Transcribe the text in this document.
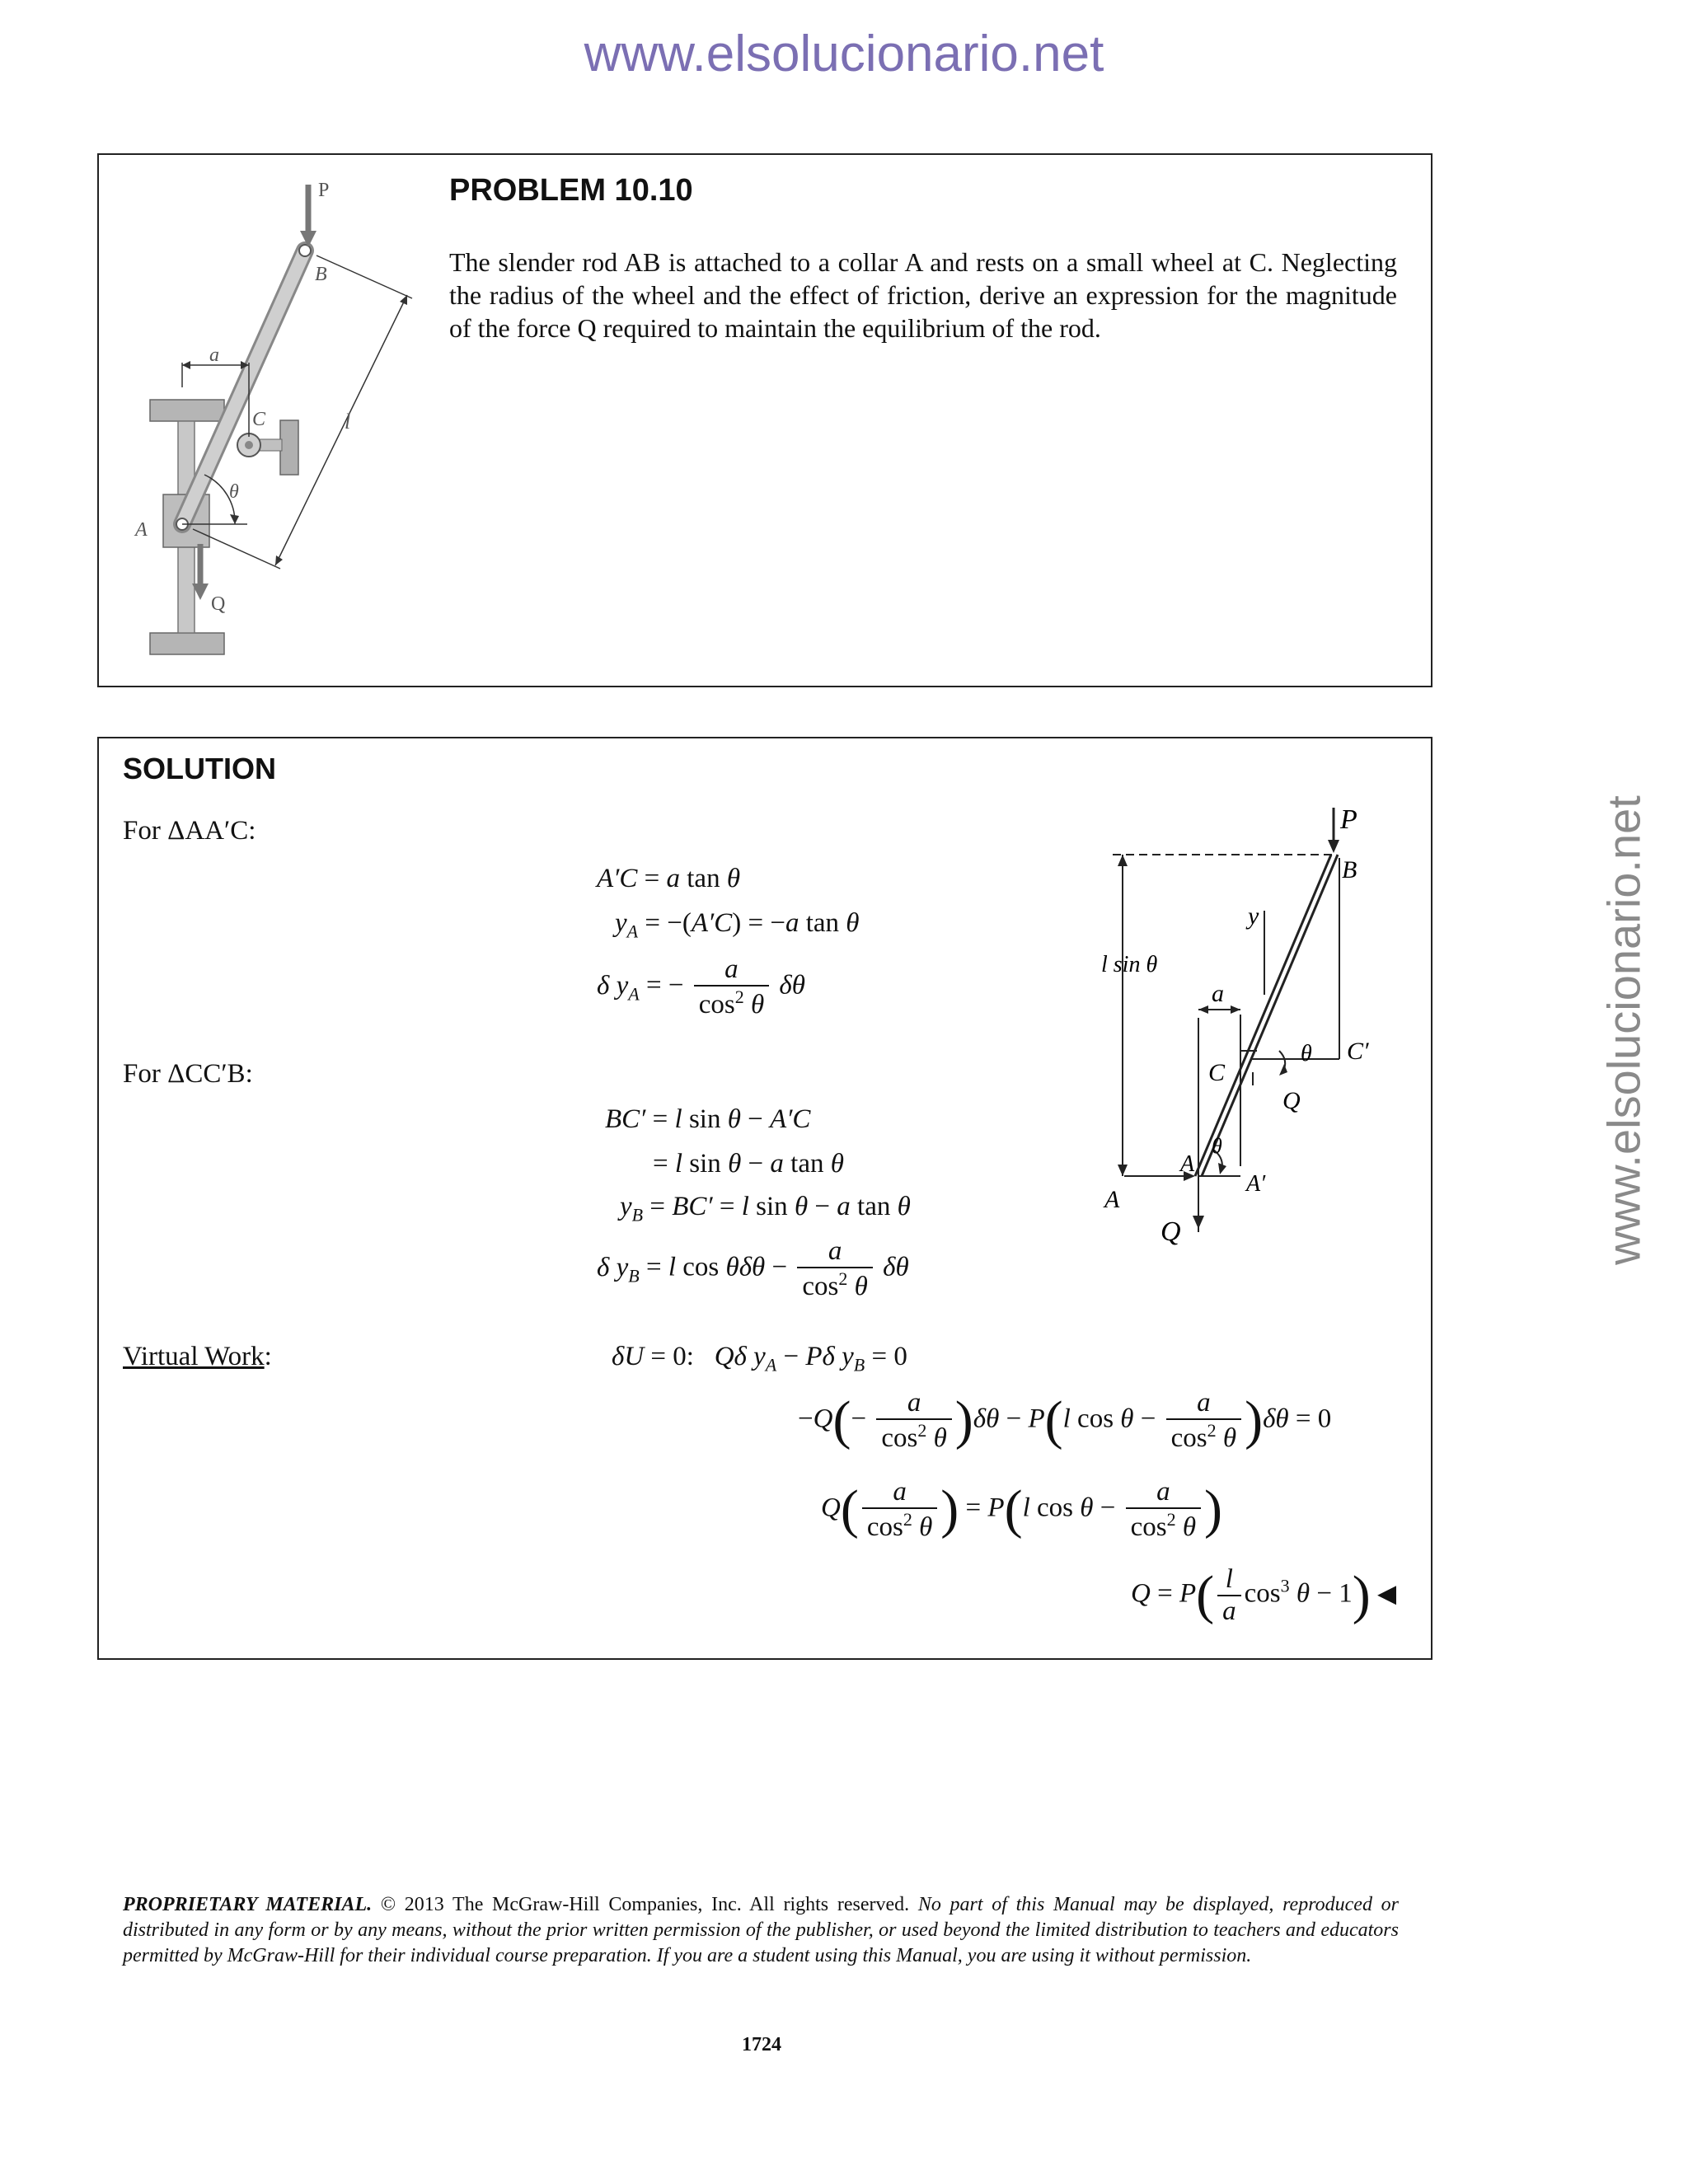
www.elsolucionario.net
www.elsolucionario.net
P
B
a
C	l
θ
A
Q
PROBLEM 10.10
The slender rod AB is attached to a collar A and rests on a small wheel at C. Neglecting the radius of the wheel and the effect of friction, derive an expression for the magnitude of the force Q required to maintain the equilibrium of the rod.
SOLUTION
For ΔAA′C:
A′C = a tan θ
$y_A = -(A'C) = -a$ tan θ
δ $y_A$ = − $\frac{a}{\cos^2 \theta}$ δθ
For ΔCC′B:
BC′ = l sin θ − A′C
= l sin θ − a tan θ
$y_B = BC' = l$ sin θ − a tan θ
δ $y_B = l$ $\cos \theta\delta\theta - \frac{a}{\cos^2 \theta}$ δθ
Virtual Work:	δU = 0:   Qδ $y_A - P\delta$ $y_B = 0$
$-Q(- \frac{a}{\cos^2 \theta} )\delta\theta - P(l$ $\cos \theta - \frac{a}{\cos^2 \theta} )\delta\theta = 0$
$Q( \frac{a}{\cos^2 \theta}$ ) = P(l $\cos \theta - \frac{a}{\cos^2 \theta}$ )
$Q = P( \frac{l}{a} \cos^3 \theta - 1)$ ◀
P
B
l sin θ
y
a
θ
C
C′
Q
θ
A
A′
A
Q
PROPRIETARY MATERIAL. © 2013 The McGraw-Hill Companies, Inc. All rights reserved. No part of this Manual may be displayed, reproduced or distributed in any form or by any means, without the prior written permission of the publisher, or used beyond the limited distribution to teachers and educators permitted by McGraw-Hill for their individual course preparation. If you are a student using this Manual, you are using it without permission.
1724
